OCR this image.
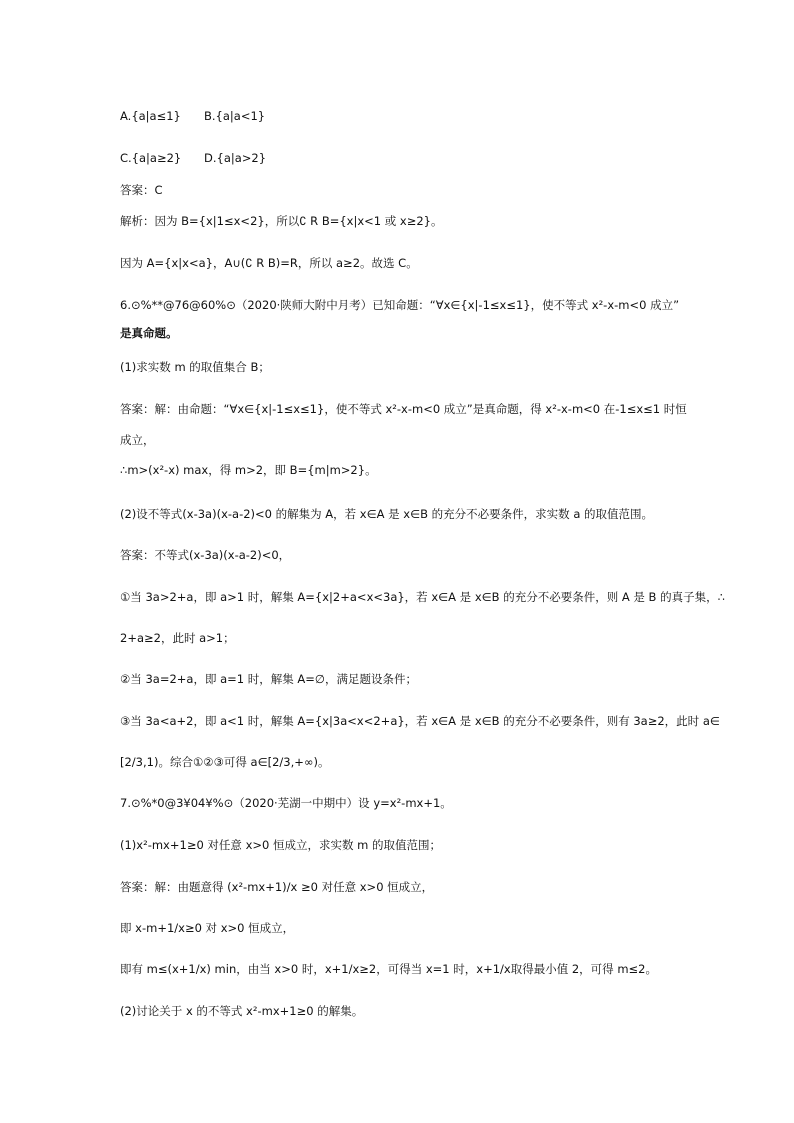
A.{a|a≤1} B.{a|a<1}
C.{a|a≥2} D.{a|a>2}
答案：C
解析：因为 B={x|1≤x<2}，所以∁ R B={x|x<1 或 x≥2}。
因为 A={x|x<a}，A∪(∁ R B)=R，所以 a≥2。故选 C。
6.⊙%**@76@60%⊙（2020·陕师大附中月考）已知命题：“∀x∈{x|-1≤x≤1}，使不等式 x²-x-m<0 成立”
是真命题。
(1)求实数 m 的取值集合 B；
答案：解：由命题：“∀x∈{x|-1≤x≤1}，使不等式 x²-x-m<0 成立”是真命题，得 x²-x-m<0 在-1≤x≤1 时恒
成立，
∴m>(x²-x) max，得 m>2，即 B={m|m>2}。
(2)设不等式(x-3a)(x-a-2)<0 的解集为 A，若 x∈A 是 x∈B 的充分不必要条件，求实数 a 的取值范围。
答案：不等式(x-3a)(x-a-2)<0，
①当 3a>2+a，即 a>1 时，解集 A={x|2+a<x<3a}，若 x∈A 是 x∈B 的充分不必要条件，则 A 是 B 的真子集，∴
2+a≥2，此时 a>1；
②当 3a=2+a，即 a=1 时，解集 A=∅，满足题设条件；
③当 3a<a+2，即 a<1 时，解集 A={x|3a<x<2+a}，若 x∈A 是 x∈B 的充分不必要条件，则有 3a≥2，此时 a∈
[2/3,1)。综合①②③可得 a∈[2/3,+∞)。
7.⊙%*0@3¥04¥%⊙（2020·芜湖一中期中）设 y=x²-mx+1。
(1)x²-mx+1≥0 对任意 x>0 恒成立，求实数 m 的取值范围；
答案：解：由题意得 (x²-mx+1)/x ≥0 对任意 x>0 恒成立，
即 x-m+1/x≥0 对 x>0 恒成立，
即有 m≤(x+1/x) min，由当 x>0 时，x+1/x≥2，可得当 x=1 时，x+1/x取得最小值 2，可得 m≤2。
(2)讨论关于 x 的不等式 x²-mx+1≥0 的解集。
